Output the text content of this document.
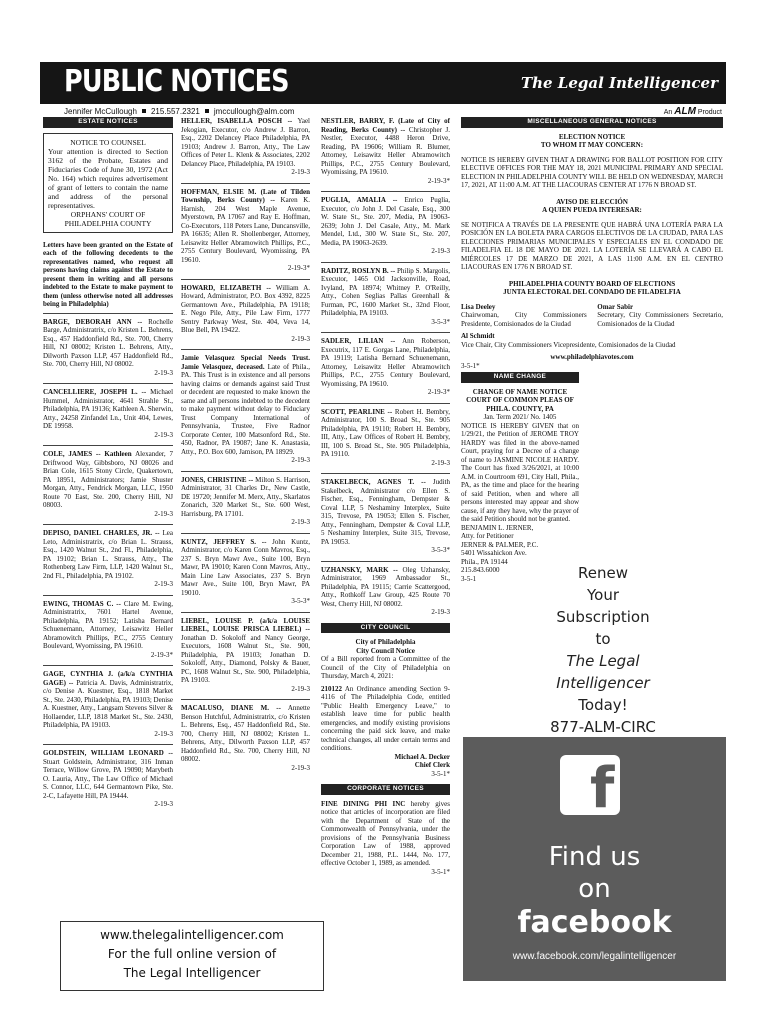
PUBLIC NOTICES	The Legal Intelligencer
Jennifer McCullough 215.557.2321 jmccullough@alm.com	An ALM Product
ESTATE NOTICES
NOTICE TO COUNSEL
Your attention is directed to Section 3162 of the Probate, Estates and Fiduciaries Code of June 30, 1972 (Act No. 164) which requires advertisement of grant of letters to contain the name and address of the personal representatives.
ORPHANS' COURT OF PHILADELPHIA COUNTY
Letters have been granted on the Estate of each of the following decedents to the representatives named, who request all persons having claims against the Estate to present them in writing and all persons indebted to the Estate to make payment to them (unless otherwise noted all addresses being in Philadelphia)
BARGE, DEBORAH ANN -- Rochelle Barge, Administratrix, c/o Kristen L. Behrens, Esq., 457 Haddonfield Rd., Ste. 700, Cherry Hill, NJ 08002; Kristen L. Behrens, Atty., Dilworth Paxson LLP, 457 Haddonfield Rd., Ste. 700, Cherry Hill, NJ 08002.
2-19-3
CANCELLIERE, JOSEPH L. -- Michael Hummel, Administrator, 4641 Strahle St., Philadelphia, PA 19136; Kathleen A. Sherwin, Atty., 24258 Zinfandel Ln., Unit 404, Lewes, DE 19958.
2-19-3
COLE, JAMES -- Kathleen Alexander, 7 Driftwood Way, Gibbsboro, NJ 08026 and Brian Cole, 1615 Stony Circle, Quakertown, PA 18951, Administrators; Jamie Shuster Morgan, Atty., Fendrick Morgan, LLC, 1950 Route 70 East, Ste. 200, Cherry Hill, NJ 08003.
2-19-3
DEPISO, DANIEL CHARLES, JR. -- Lea Leto, Administratrix, c/o Brian L. Strauss, Esq., 1420 Walnut St., 2nd Fl., Philadelphia, PA 19102; Brian L. Strauss, Atty., The Rothenberg Law Firm, LLP, 1420 Walnut St., 2nd Fl., Philadelphia, PA 19102.
2-19-3
EWING, THOMAS C. -- Clare M. Ewing, Administratrix, 7601 Hartel Avenue, Philadelphia, PA 19152; Latisha Bernard Schuenemann, Attorney, Leisawitz Heller Abramowitch Phillips, P.C., 2755 Century Boulevard, Wyomissing, PA 19610.
2-19-3*
GAGE, CYNTHIA J. (a/k/a CYNTHIA GAGE) -- Patricia A. Davis, Administratrix, c/o Denise A. Kuestner, Esq., 1818 Market St., Ste. 2430, Philadelphia, PA 19103; Denise A. Kuestner, Atty., Langsam Stevens Silver & Hollaender, LLP, 1818 Market St., Ste. 2430, Philadelphia, PA 19103.
2-19-3
GOLDSTEIN, WILLIAM LEONARD -- Stuart Goldstein, Administrator, 316 Inman Terrace, Willow Grove, PA 19090; Marybeth O. Lauria, Atty., The Law Office of Michael S. Connor, LLC, 644 Germantown Pike, Ste. 2-C, Lafayette Hill, PA 19444.
2-19-3
HELLER, ISABELLA POSCH -- Yael Jekogian, Executor, c/o Andrew J. Barron, Esq., 2202 Delancey Place Philadelphia, PA 19103; Andrew J. Barron, Atty., The Law Offices of Peter L. Klenk & Associates, 2202 Delancey Place, Philadelphia, PA 19103.
2-19-3
HOFFMAN, ELSIE M. (Late of Tilden Township, Berks County) -- Karen K. Harnish, 204 West Maple Avenue, Myerstown, PA 17067 and Ray E. Hoffman, Co-Executors, 118 Peters Lane, Duncansville, PA 16635; Allen R. Shollenberger, Attorney, Leisawitz Heller Abramowitch Phillips, P.C., 2755 Century Boulevard, Wyomissing, PA 19610.
2-19-3*
HOWARD, ELIZABETH -- William A. Howard, Administrator, P.O. Box 4392, 8225 Germantown Ave., Philadelphia, PA 19118; E. Nego Pile, Atty., Pile Law Firm, 1777 Sentry Parkway West, Ste. 404, Veva 14, Blue Bell, PA 19422.
2-19-3
Jamie Velasquez Special Needs Trust. Jamie Velasquez, deceased. Late of Phila., PA. This Trust is in existence and all persons having claims or demands against said Trust or decedent are requested to make known the same and all persons indebted to the decedent to make payment without delay to Fiduciary Trust Company International of Pennsylvania, Trustee, Five Radnor Corporate Center, 100 Matsonford Rd., Ste. 450, Radnor, PA 19087; Jane K. Anastasia, Atty., P.O. Box 600, Jamison, PA 18929.
2-19-3
JONES, CHRISTINE -- Milton S. Harrison, Administrator, 31 Charles Dr., New Castle, DE 19720; Jennifer M. Merx, Atty., Skarlatos Zonarich, 320 Market St., Ste. 600 West, Harrisburg, PA 17101.
2-19-3
KUNTZ, JEFFREY S. -- John Kuntz, Administrator, c/o Karen Conn Mavros, Esq., 237 S. Bryn Mawr Ave., Suite 100, Bryn Mawr, PA 19010; Karen Conn Mavros, Atty., Main Line Law Associates, 237 S. Bryn Mawr Ave., Suite 100, Bryn Mawr, PA 19010.
3-5-3*
LIEBEL, LOUISE P. (a/k/a LOUISE LIEBEL, LOUISE PRISCA LIEBEL) -- Jonathan D. Sokoloff and Nancy George, Executors, 1608 Walnut St., Ste. 900, Philadelphia, PA 19103; Jonathan D. Sokoloff, Atty., Diamond, Polsky & Bauer, PC, 1608 Walnut St., Ste. 900, Philadelphia, PA 19103.
2-19-3
MACALUSO, DIANE M. -- Annette Benson Hutchful, Administratrix, c/o Kristen L. Behrens, Esq., 457 Haddonfield Rd., Ste. 700, Cherry Hill, NJ 08002; Kristen L. Behrens, Atty., Dilworth Paxson LLP, 457 Haddonfield Rd., Ste. 700, Cherry Hill, NJ 08002.
2-19-3
NESTLER, BARRY, F. (Late of City of Reading, Berks County) -- Christopher J. Nestler, Executor, 4488 Heron Drive, Reading, PA 19606; William R. Blumer, Attorney, Leisawitz Heller Abramowitch Phillips, P.C., 2755 Century Boulevard, Wyomissing, PA 19610.
2-19-3*
PUGLIA, AMALIA -- Enrico Puglia, Executor, c/o John J. Del Casale, Esq., 300 W. State St., Ste. 207, Media, PA 19063-2639; John J. Del Casale, Atty., M. Mark Mendel, Ltd., 300 W. State St., Ste. 207, Media, PA 19063-2639.
2-19-3
RADITZ, ROSLYN B. -- Philip S. Margolis, Executor, 1465 Old Jacksonville, Road, Ivyland, PA 18974; Whitney P. O'Reilly, Atty., Cohen Seglias Pallas Greenhall & Furman, PC, 1600 Market St., 32nd Floor, Philadelphia, PA 19103.
3-5-3*
SADLER, LILIAN -- Ann Roberson, Executrix, 117 E. Gorgas Lane, Philadelphia, PA 19119; Latisha Bernard Schuenemann, Attorney, Leisawitz Heller Abramowitch Phillips, P.C., 2755 Century Boulevard, Wyomissing, PA 19610.
2-19-3*
SCOTT, PEARLINE -- Robert H. Bembry, Administrator, 100 S. Broad St., Ste. 905 Philadelphia, PA 19110; Robert H. Bembry, III, Atty., Law Offices of Robert H. Bembry, III, 100 S. Broad St., Ste. 905 Philadelphia, PA 19110.
2-19-3
STAKELBECK, AGNES T. -- Judith Stakelbeck, Administrator c/o Ellen S. Fischer, Esq., Fenningham, Dempster & Coval LLP, 5 Neshaminy Interplex, Suite 315, Trevose, PA 19053; Ellen S. Fischer, Atty., Fenningham, Dempster & Coval LLP, 5 Neshaminy Interplex, Suite 315, Trevose, PA 19053.
3-5-3*
UZHANSKY, MARK -- Oleg Uzhansky, Administrator, 1969 Ambassador St., Philadelphia, PA 19115; Carrie Scattergood, Atty., Rothkoff Law Group, 425 Route 70 West, Cherry Hill, NJ 08002.
2-19-3
CITY COUNCIL
City of Philadelphia
City Council Notice
Of a Bill reported from a Committee of the Council of the City of Philadelphia on Thursday, March 4, 2021:
210122 An Ordinance amending Section 9-4116 of The Philadelphia Code, entitled "Public Health Emergency Leave," to establish leave time for public health emergencies, and modify existing provisions concerning the paid sick leave, and make technical changes, all under certain terms and conditions.
Michael A. Decker
Chief Clerk
3-5-1*
CORPORATE NOTICES
FINE DINING PHI INC hereby gives notice that articles of incorporation are filed with the Department of State of the Commonwealth of Pennsylvania, under the provisions of the Pennsylvania Business Corporation Law of 1988, approved December 21, 1988, P.L. 1444, No. 177, effective October 1, 1989, as amended.
3-5-1*
MISCELLANEOUS GENERAL NOTICES
ELECTION NOTICE
TO WHOM IT MAY CONCERN:
NOTICE IS HEREBY GIVEN THAT A DRAWING FOR BALLOT POSITION FOR CITY ELECTIVE OFFICES FOR THE MAY 18, 2021 MUNICIPAL PRIMARY AND SPECIAL ELECTION IN PHILADELPHIA COUNTY WILL BE HELD ON WEDNESDAY, MARCH 17, 2021, AT 11:00 A.M. AT THE LIACOURAS CENTER AT 1776 N BROAD ST.
AVISO DE ELECCIÓN
A QUIEN PUEDA INTERESAR:
SE NOTIFICA A TRAVÉS DE LA PRESENTE QUE HABRÁ UNA LOTERÍA PARA LA POSICIÓN EN LA BOLETA PARA CARGOS ELECTIVOS DE LA CIUDAD, PARA LAS ELECCIONES PRIMARIAS MUNICIPALES Y ESPECIALES EN EL CONDADO DE FILADELFIA EL 18 DE MAYO DE 2021. LA LOTERÍA SE LLEVARÁ A CABO EL MIÉRCOLES 17 DE MARZO DE 2021, A LAS 11:00 A.M. EN EL CENTRO LIACOURAS EN 1776 N BROAD ST.
PHILADELPHIA COUNTY BOARD OF ELECTIONS
JUNTA ELECTORAL DEL CONDADO DE FILADELFIA
Lisa Deeley
Chairwoman, City Commissioners Presidente, Comisionados de la Ciudad
Omar Sabir
Secretary, City Commissioners Secretario, Comisionados de la Ciudad
Al Schmidt
Vice Chair, City Commissioners Vicepresidente, Comisionados de la Ciudad
www.philadelphiavotes.com
3-5-1*
NAME CHANGE
CHANGE OF NAME NOTICE COURT OF COMMON PLEAS OF PHILA. COUNTY, PA
Jan. Term 2021/ No. 1405
NOTICE IS HEREBY GIVEN that on 1/29/21, the Petition of JEROME TROY HARDY was filed in the above-named Court, praying for a Decree of a change of name to JASMINE NICOLE HARDY. The Court has fixed 3/26/2021, at 10:00 A.M. in Courtroom 691, City Hall, Phila., PA, as the time and place for the hearing of said Petition, when and where all persons interested may appear and show cause, if any they have, why the prayer of the said Petition should not be granted.
BENJAMIN L. JERNER,
Atty. for Petitioner
JERNER & PALMER, P.C.
5401 Wissahickon Ave.
Phila., PA 19144
215.843.6000
3-5-1	Renew
Your
Subscription
to
The Legal
Intelligencer
Today!
877-ALM-CIRC
f
Find us
on
facebook
www.facebook.com/legalintelligencer
www.thelegalintelligencer.com
For the full online version of
The Legal Intelligencer
